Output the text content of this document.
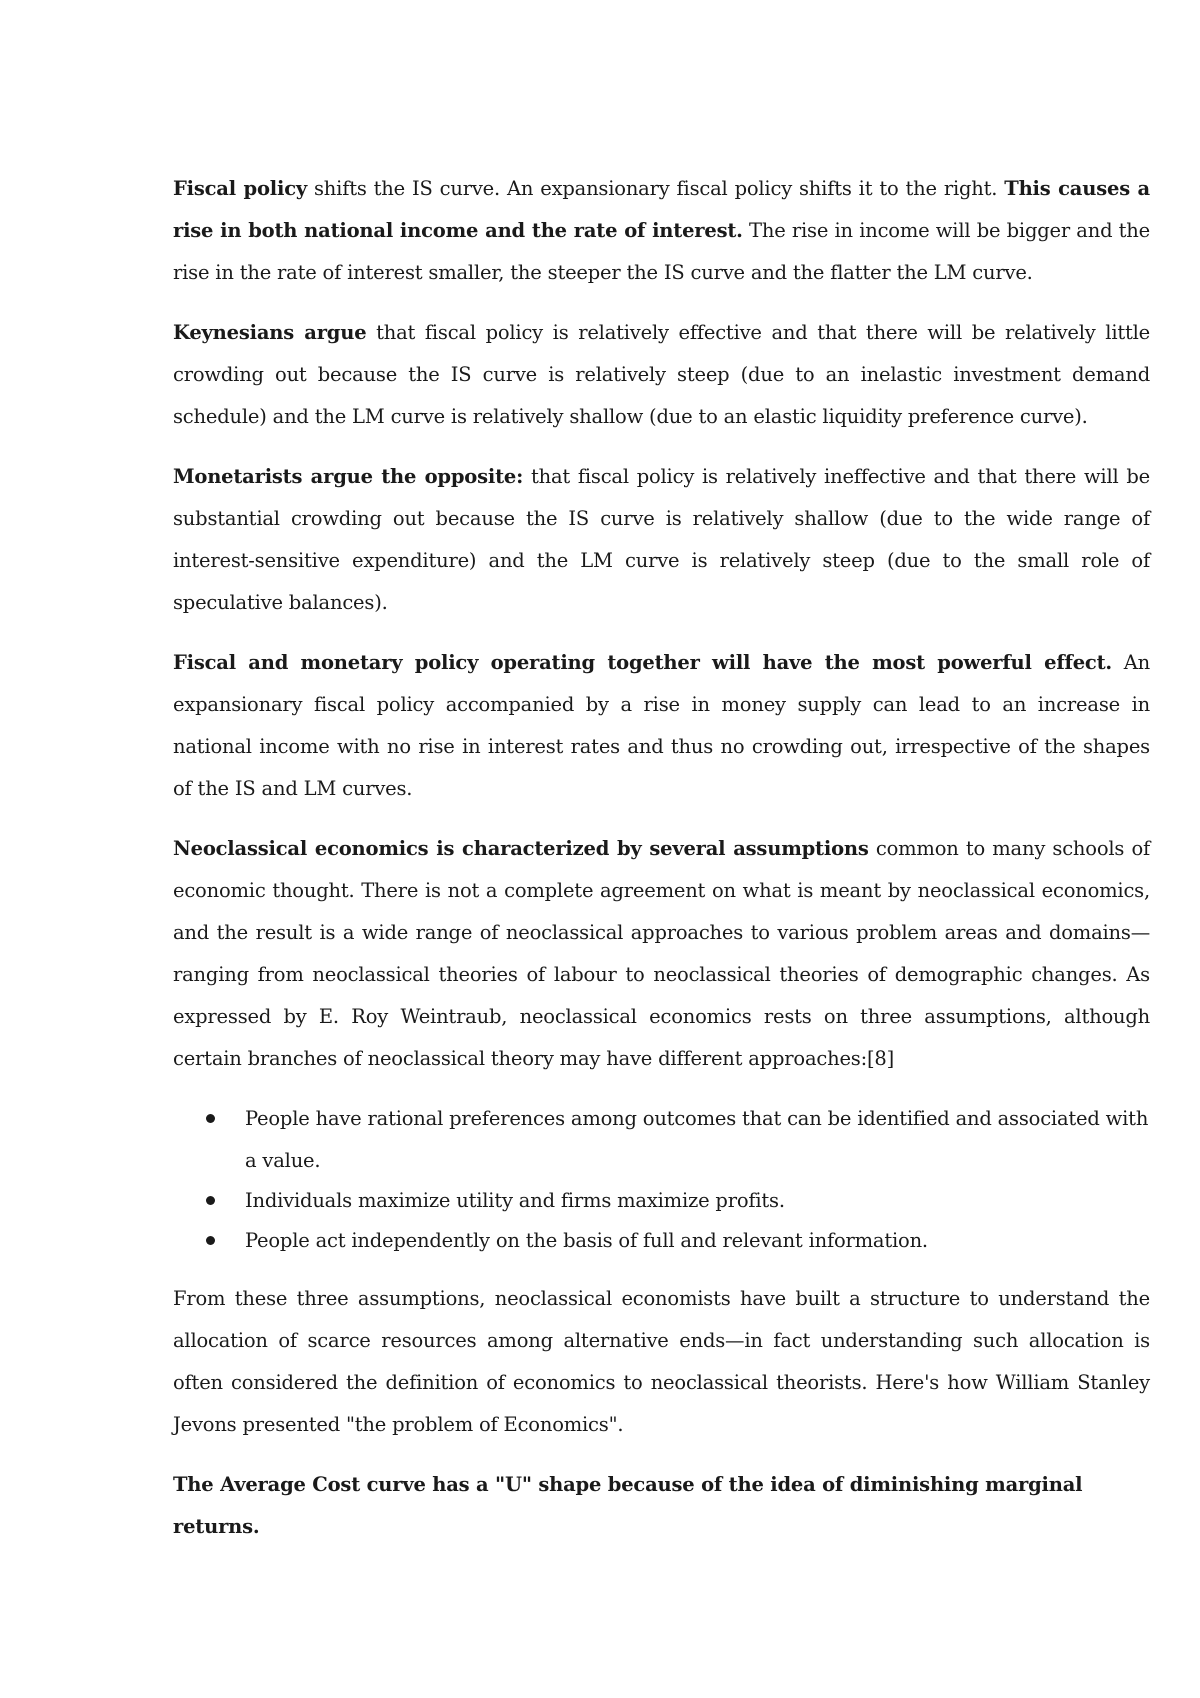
Fiscal policy shifts the IS curve. An expansionary fiscal policy shifts it to the right. This causes a rise in both national income and the rate of interest. The rise in income will be bigger and the rise in the rate of interest smaller, the steeper the IS curve and the flatter the LM curve.

Keynesians argue that fiscal policy is relatively effective and that there will be relatively little crowding out because the IS curve is relatively steep (due to an inelastic investment demand schedule) and the LM curve is relatively shallow (due to an elastic liquidity preference curve).

Monetarists argue the opposite: that fiscal policy is relatively ineffective and that there will be substantial crowding out because the IS curve is relatively shallow (due to the wide range of interest-sensitive expenditure) and the LM curve is relatively steep (due to the small role of speculative balances).

Fiscal and monetary policy operating together will have the most powerful effect. An expansionary fiscal policy accompanied by a rise in money supply can lead to an increase in national income with no rise in interest rates and thus no crowding out, irrespective of the shapes of the IS and LM curves.

Neoclassical economics is characterized by several assumptions common to many schools of economic thought. There is not a complete agreement on what is meant by neoclassical economics, and the result is a wide range of neoclassical approaches to various problem areas and domains—ranging from neoclassical theories of labour to neoclassical theories of demographic changes. As expressed by E. Roy Weintraub, neoclassical economics rests on three assumptions, although certain branches of neoclassical theory may have different approaches:[8]

People have rational preferences among outcomes that can be identified and associated with a value.
Individuals maximize utility and firms maximize profits.
People act independently on the basis of full and relevant information.

From these three assumptions, neoclassical economists have built a structure to understand the allocation of scarce resources among alternative ends—in fact understanding such allocation is often considered the definition of economics to neoclassical theorists. Here's how William Stanley Jevons presented "the problem of Economics".

The Average Cost curve has a "U" shape because of the idea of diminishing marginal returns.
